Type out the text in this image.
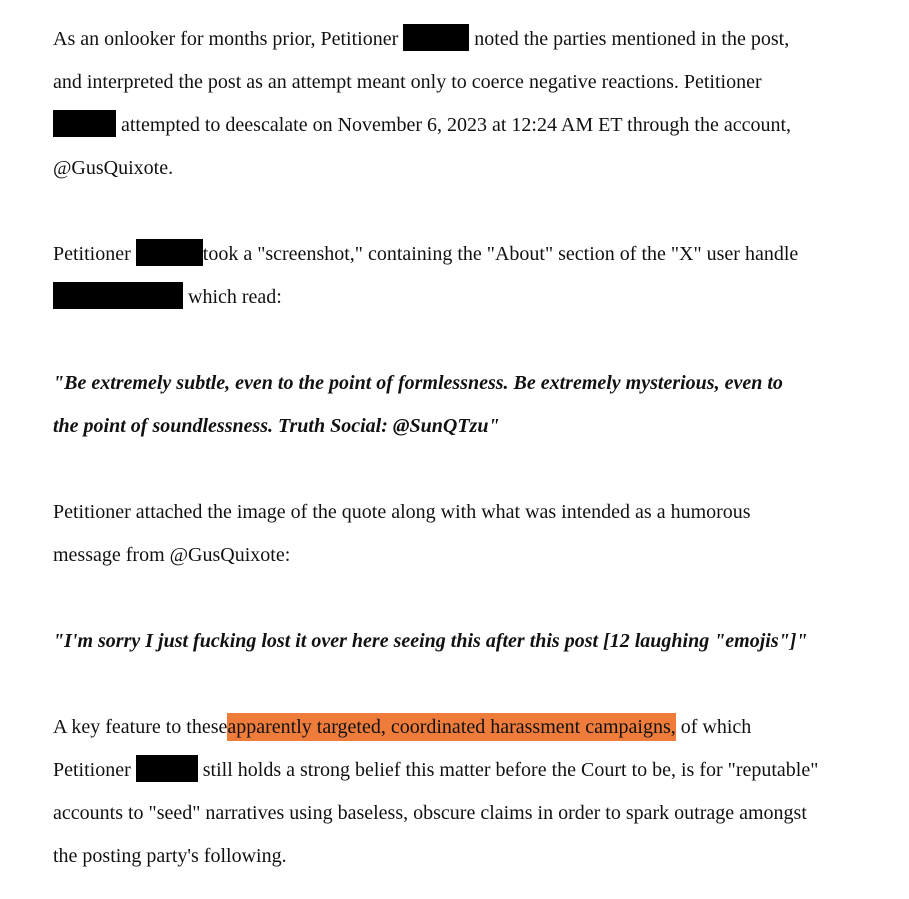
As an onlooker for months prior, Petitioner	noted the parties mentioned in the post,
and interpreted the post as an attempt meant only to coerce negative reactions. Petitioner
attempted to deescalate on November 6, 2023 at 12:24 AM ET through the account,
@GusQuixote.

Petitioner	took a "screenshot," containing the "About" section of the "X" user handle
which read:

"Be extremely subtle, even to the point of formlessness. Be extremely mysterious, even to
the point of soundlessness. Truth Social: @SunQTzu"

Petitioner attached the image of the quote along with what was intended as a humorous
message from @GusQuixote:

"I'm sorry I just fucking lost it over here seeing this after this post [12 laughing "emojis"]"

A key feature to theseapparently targeted, coordinated harassment campaigns, of which
Petitioner	still holds a strong belief this matter before the Court to be, is for "reputable"
accounts to "seed" narratives using baseless, obscure claims in order to spark outrage amongst
the posting party's following.
